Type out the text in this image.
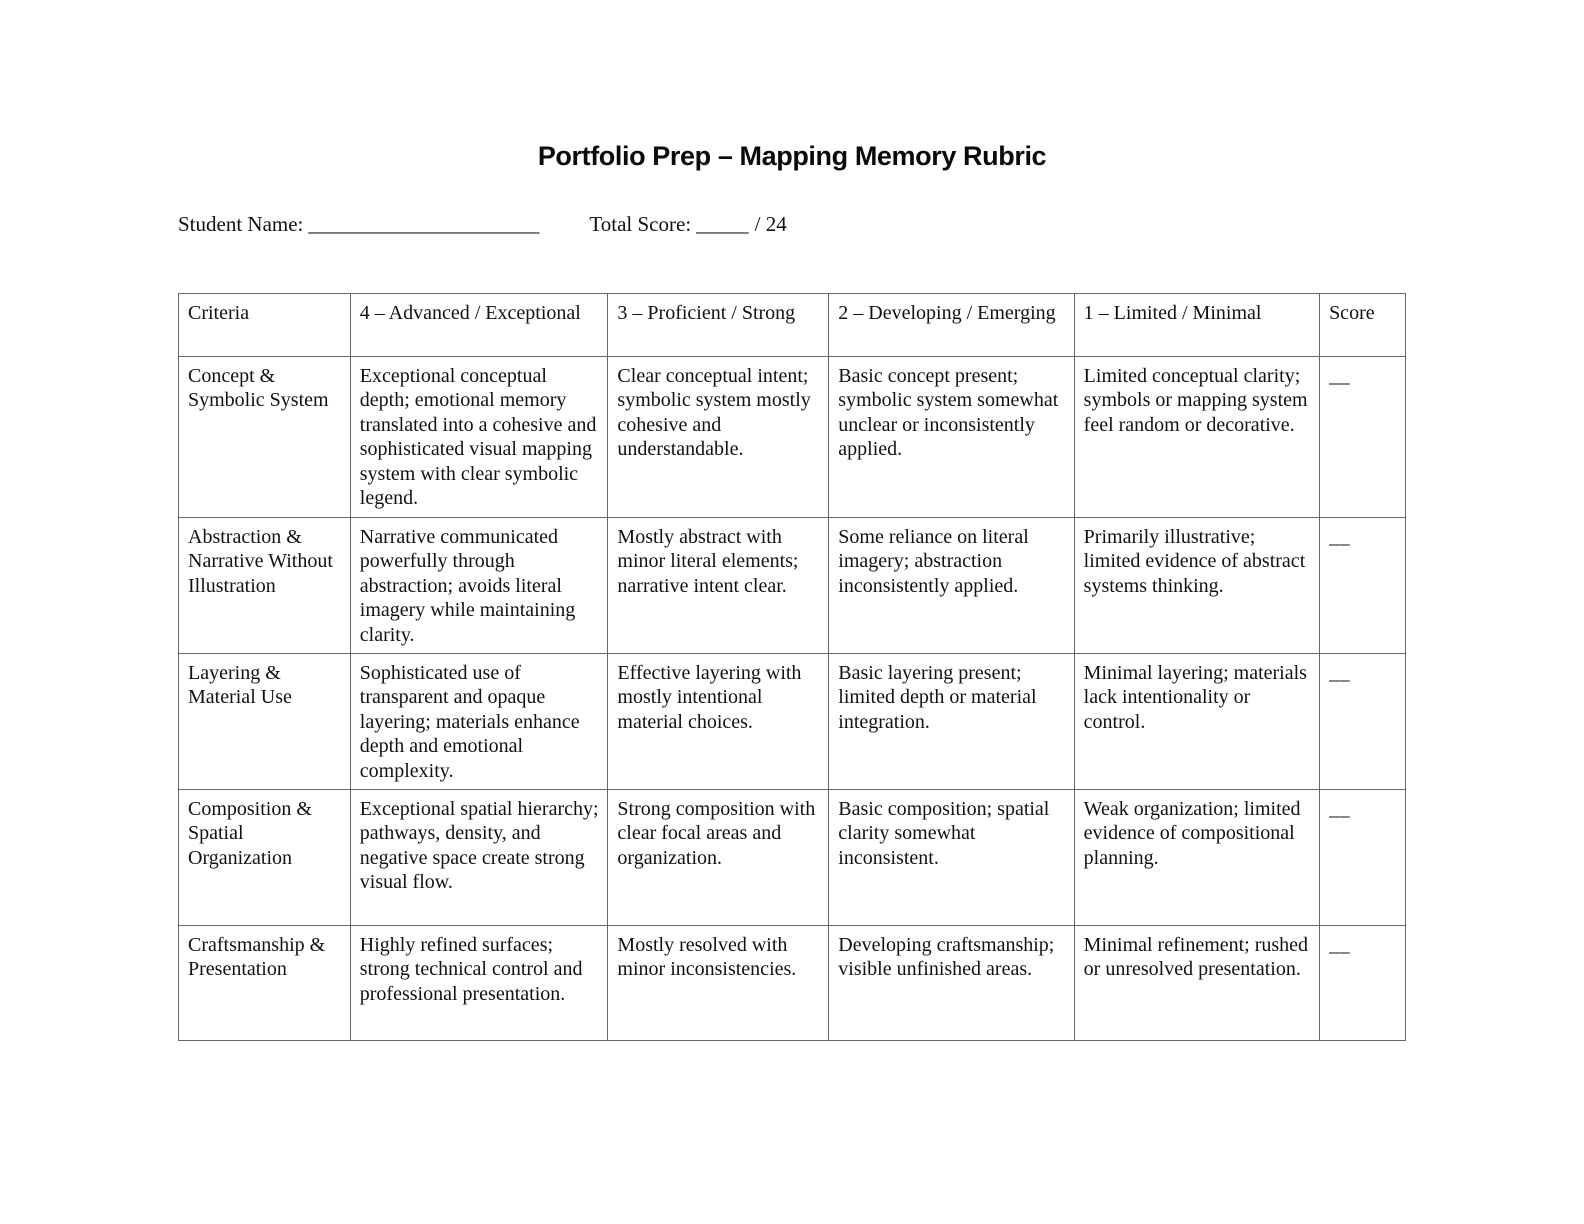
Portfolio Prep – Mapping Memory Rubric
Student Name: ______________________ Total Score: _____ / 24
Criteria	4 – Advanced / Exceptional	3 – Proficient / Strong	2 – Developing / Emerging	1 – Limited / Minimal	Score
Concept & Symbolic System	Exceptional conceptual depth; emotional memory translated into a cohesive and sophisticated visual mapping system with clear symbolic legend.	Clear conceptual intent; symbolic system mostly cohesive and understandable.	Basic concept present; symbolic system somewhat unclear or inconsistently applied.	Limited conceptual clarity; symbols or mapping system feel random or decorative.	__
Abstraction & Narrative Without Illustration	Narrative communicated powerfully through abstraction; avoids literal imagery while maintaining clarity.	Mostly abstract with minor literal elements; narrative intent clear.	Some reliance on literal imagery; abstraction inconsistently applied.	Primarily illustrative; limited evidence of abstract systems thinking.	__
Layering & Material Use	Sophisticated use of transparent and opaque layering; materials enhance depth and emotional complexity.	Effective layering with mostly intentional material choices.	Basic layering present; limited depth or material integration.	Minimal layering; materials lack intentionality or control.	__
Composition & Spatial Organization	Exceptional spatial hierarchy; pathways, density, and negative space create strong visual flow.	Strong composition with clear focal areas and organization.	Basic composition; spatial clarity somewhat inconsistent.	Weak organization; limited evidence of compositional planning.	__
Craftsmanship & Presentation	Highly refined surfaces; strong technical control and professional presentation.	Mostly resolved with minor inconsistencies.	Developing craftsmanship; visible unfinished areas.	Minimal refinement; rushed or unresolved presentation.	__
